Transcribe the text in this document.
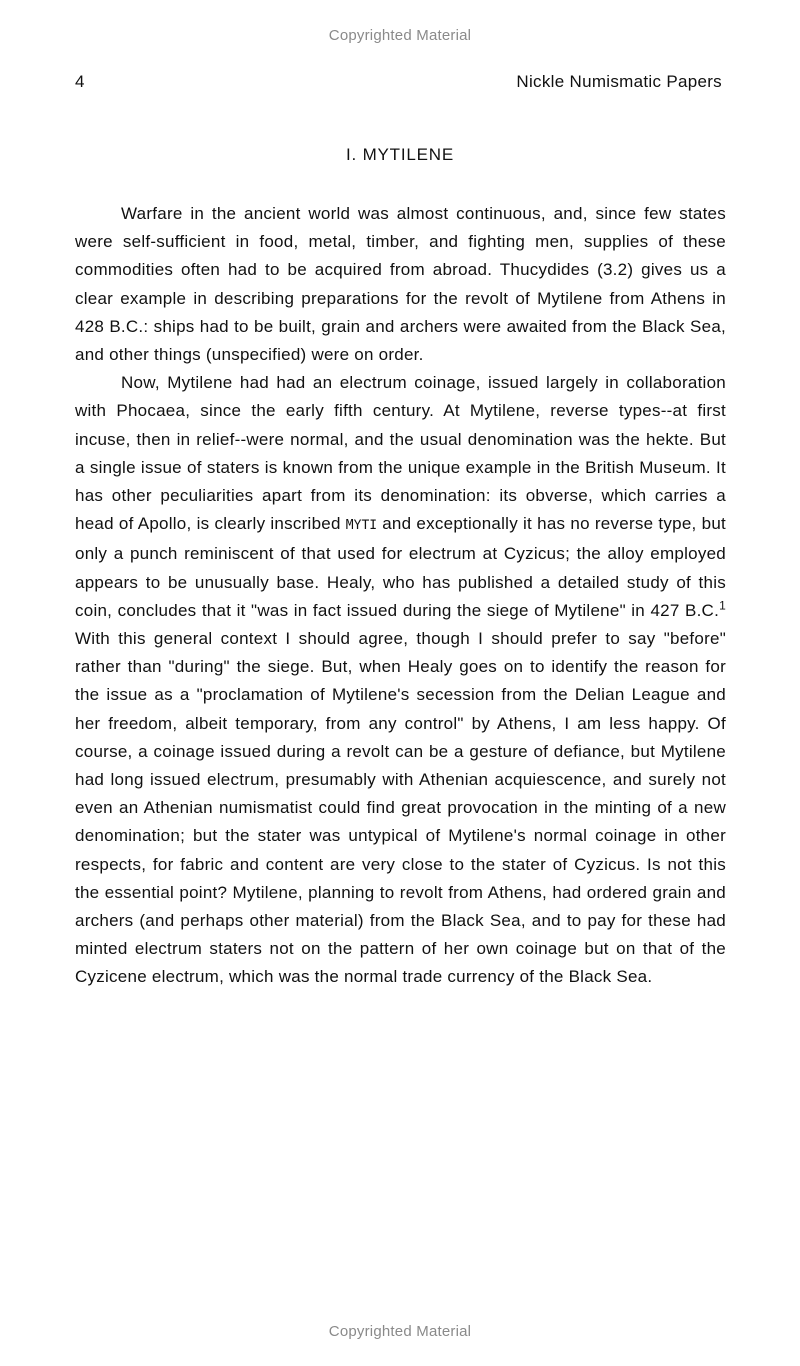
Copyrighted Material
4	Nickle Numismatic Papers
I. MYTILENE

Warfare in the ancient world was almost continuous, and, since few states were self-sufficient in food, metal, timber, and fighting men, supplies of these commodities often had to be acquired from abroad. Thucydides (3.2) gives us a clear example in describing preparations for the revolt of Mytilene from Athens in 428 B.C.: ships had to be built, grain and archers were awaited from the Black Sea, and other things (unspecified) were on order.

Now, Mytilene had had an electrum coinage, issued largely in collaboration with Phocaea, since the early fifth century. At Mytilene, reverse types--at first incuse, then in relief--were normal, and the usual denomination was the hekte. But a single issue of staters is known from the unique example in the British Museum. It has other peculiarities apart from its denomination: its obverse, which carries a head of Apollo, is clearly inscribed MΥΤΙ and exceptionally it has no reverse type, but only a punch reminiscent of that used for electrum at Cyzicus; the alloy employed appears to be unusually base. Healy, who has published a detailed study of this coin, concludes that it "was in fact issued during the siege of Mytilene" in 427 B.C.$^1$ With this general context I should agree, though I should prefer to say "before" rather than "during" the siege. But, when Healy goes on to identify the reason for the issue as a "proclamation of Mytilene's secession from the Delian League and her freedom, albeit temporary, from any control" by Athens, I am less happy. Of course, a coinage issued during a revolt can be a gesture of defiance, but Mytilene had long issued electrum, presumably with Athenian acquiescence, and surely not even an Athenian numismatist could find great provocation in the minting of a new denomination; but the stater was untypical of Mytilene's normal coinage in other respects, for fabric and content are very close to the stater of Cyzicus. Is not this the essential point? Mytilene, planning to revolt from Athens, had ordered grain and archers (and perhaps other material) from the Black Sea, and to pay for these had minted electrum staters not on the pattern of her own coinage but on that of the Cyzicene electrum, which was the normal trade currency of the Black Sea.

Copyrighted Material
